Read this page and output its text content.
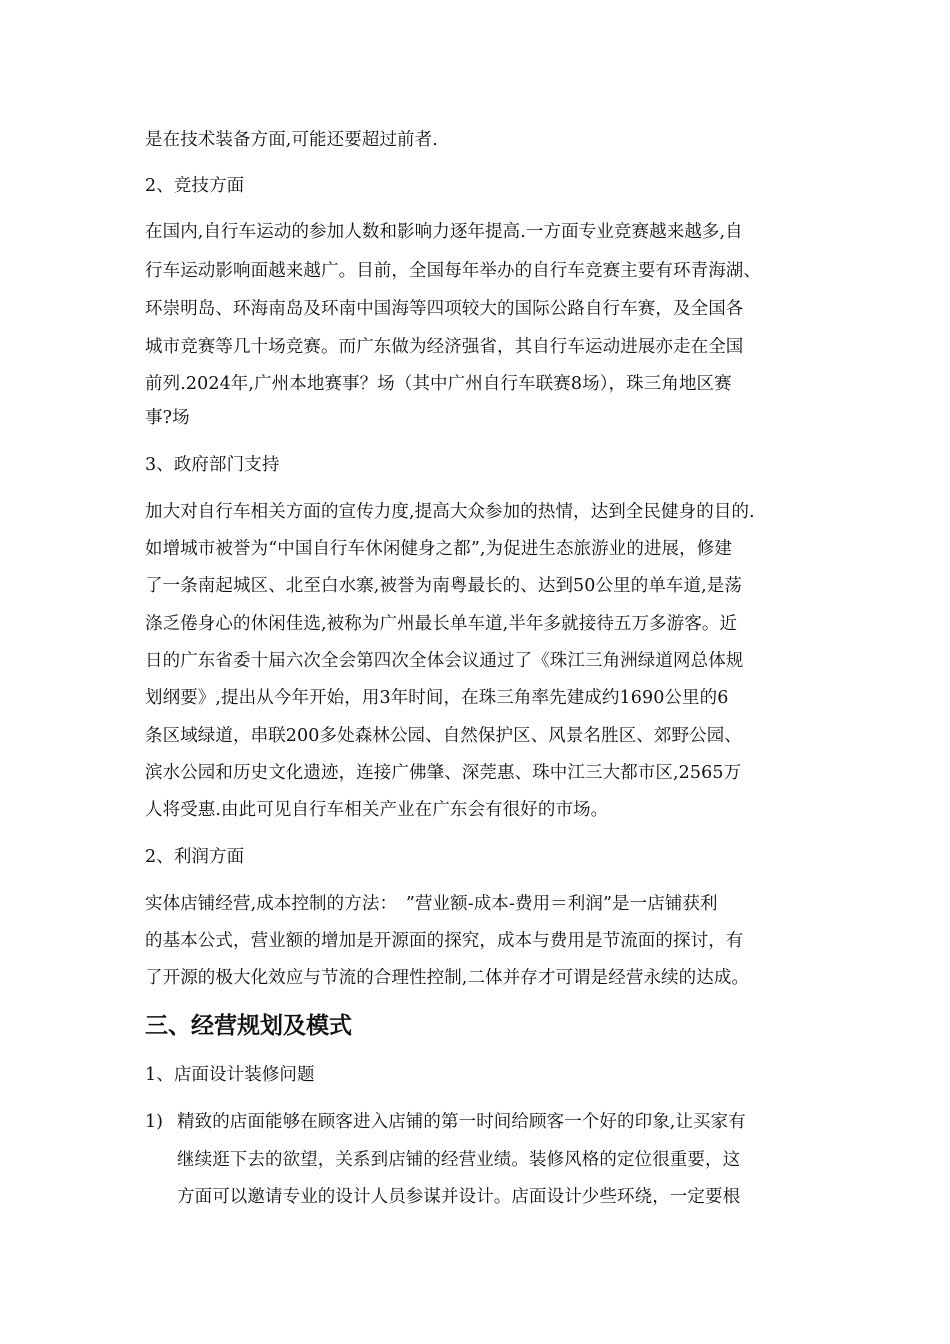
是在技术装备方面,可能还要超过前者.
2、竞技方面
在国内,自行车运动的参加人数和影响力逐年提高.一方面专业竞赛越来越多,自
行车运动影响面越来越广。目前，全国每年举办的自行车竞赛主要有环青海湖、
环崇明岛、环海南岛及环南中国海等四项较大的国际公路自行车赛，及全国各
城市竞赛等几十场竞赛。而广东做为经济强省，其自行车运动进展亦走在全国
前列.2024年,广州本地赛事？场（其中广州自行车联赛8场），珠三角地区赛
事?场
3、政府部门支持
加大对自行车相关方面的宣传力度,提高大众参加的热情，达到全民健身的目的.
如增城市被誉为“中国自行车休闲健身之都”,为促进生态旅游业的进展，修建
了一条南起城区、北至白水寨,被誉为南粤最长的、达到50公里的单车道,是荡
涤乏倦身心的休闲佳选,被称为广州最长单车道,半年多就接待五万多游客。近
日的广东省委十届六次全会第四次全体会议通过了《珠江三角洲绿道网总体规
划纲要》,提出从今年开始，用3年时间，在珠三角率先建成约1690公里的6
条区域绿道，串联200多处森林公园、自然保护区、风景名胜区、郊野公园、
滨水公园和历史文化遗迹，连接广佛肇、深莞惠、珠中江三大都市区,2565万
人将受惠.由此可见自行车相关产业在广东会有很好的市场。
2、利润方面
实体店铺经营,成本控制的方法：　”营业额-成本-费用＝利润”是一店铺获利
的基本公式，营业额的增加是开源面的探究，成本与费用是节流面的探讨，有
了开源的极大化效应与节流的合理性控制,二体并存才可谓是经营永续的达成。
三、经营规划及模式
1、店面设计装修问题
1) 精致的店面能够在顾客进入店铺的第一时间给顾客一个好的印象,让买家有
继续逛下去的欲望，关系到店铺的经营业绩。装修风格的定位很重要，这
方面可以邀请专业的设计人员参谋并设计。店面设计少些环绕，一定要根
